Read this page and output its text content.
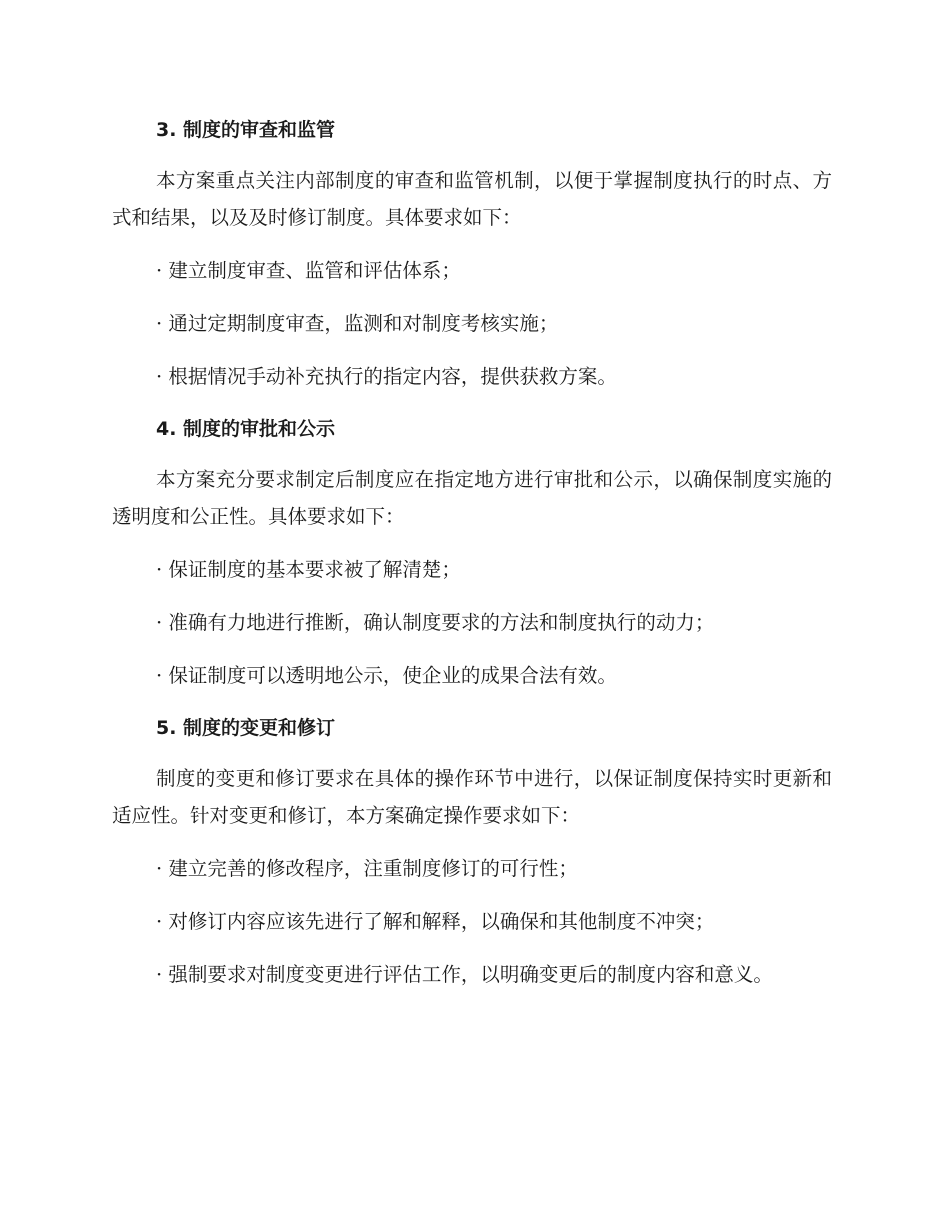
3. 制度的审查和监管

本方案重点关注内部制度的审查和监管机制，以便于掌握制度执行的时点、方式和结果，以及及时修订制度。具体要求如下：

· 建立制度审查、监管和评估体系；

· 通过定期制度审查，监测和对制度考核实施；

· 根据情况手动补充执行的指定内容，提供获救方案。

4. 制度的审批和公示

本方案充分要求制定后制度应在指定地方进行审批和公示，以确保制度实施的透明度和公正性。具体要求如下：

· 保证制度的基本要求被了解清楚；

· 准确有力地进行推断，确认制度要求的方法和制度执行的动力；

· 保证制度可以透明地公示，使企业的成果合法有效。

5. 制度的变更和修订

制度的变更和修订要求在具体的操作环节中进行，以保证制度保持实时更新和适应性。针对变更和修订，本方案确定操作要求如下：

· 建立完善的修改程序，注重制度修订的可行性；

· 对修订内容应该先进行了解和解释，以确保和其他制度不冲突；

· 强制要求对制度变更进行评估工作，以明确变更后的制度内容和意义。
